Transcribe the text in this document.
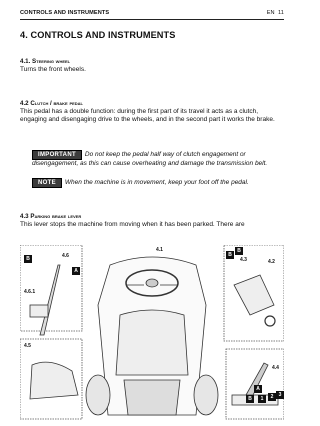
CONTROLS AND INSTRUMENTS	EN 11
4. CONTROLS AND INSTRUMENTS
4.1. Steering wheel
Turns the front wheels.
4.2 Clutch / brake pedal
This pedal has a double function: during the first part of its travel it acts as a clutch, engaging and disengaging drive to the wheels, and in the second part it works the brake.
IMPORTANT Do not keep the pedal half way of clutch engagement or disengagement, as this can cause overheating and damage the transmission belt.
NOTE When the machine is in movement, keep your foot off the pedal.
4.3 Parking brake lever
This lever stops the machine from moving when it has been parked. There are
4.6
4.6.1
4.5
4.1
4.3	4.2
4.4
B
A
B
B
A
B	1	2	3
